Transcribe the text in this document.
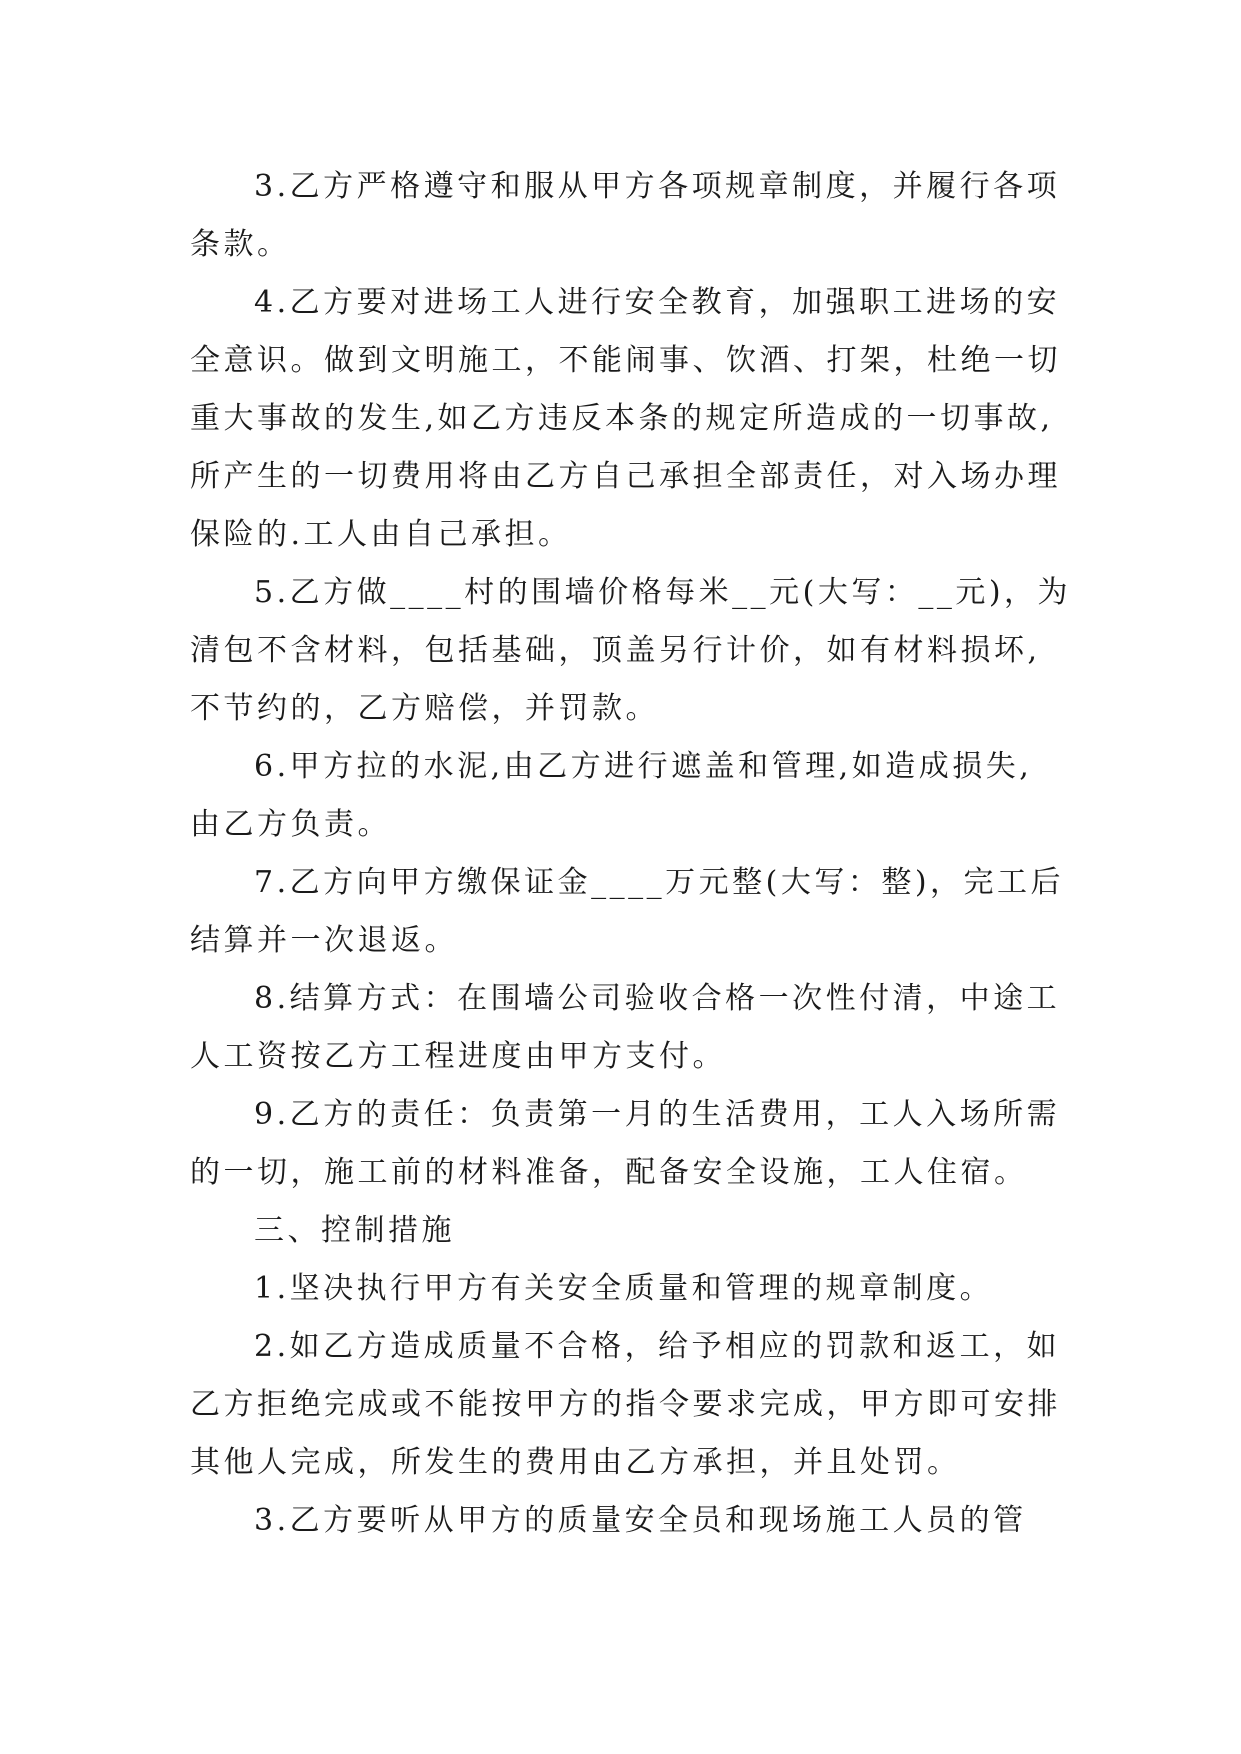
3.乙方严格遵守和服从甲方各项规章制度，并履行各项
条款。
4.乙方要对进场工人进行安全教育，加强职工进场的安
全意识。做到文明施工，不能闹事、饮酒、打架，杜绝一切
重大事故的发生,如乙方违反本条的规定所造成的一切事故,
所产生的一切费用将由乙方自己承担全部责任，对入场办理
保险的.工人由自己承担。
5.乙方做____村的围墙价格每米__元(大写：__元)，为
清包不含材料，包括基础，顶盖另行计价，如有材料损坏,
不节约的，乙方赔偿，并罚款。
6.甲方拉的水泥,由乙方进行遮盖和管理,如造成损失,
由乙方负责。
7.乙方向甲方缴保证金____万元整(大写：整)，完工后
结算并一次退返。
8.结算方式：在围墙公司验收合格一次性付清，中途工
人工资按乙方工程进度由甲方支付。
9.乙方的责任：负责第一月的生活费用，工人入场所需
的一切，施工前的材料准备，配备安全设施，工人住宿。
三、控制措施
1.坚决执行甲方有关安全质量和管理的规章制度。
2.如乙方造成质量不合格，给予相应的罚款和返工，如
乙方拒绝完成或不能按甲方的指令要求完成，甲方即可安排
其他人完成，所发生的费用由乙方承担，并且处罚。
3.乙方要听从甲方的质量安全员和现场施工人员的管
